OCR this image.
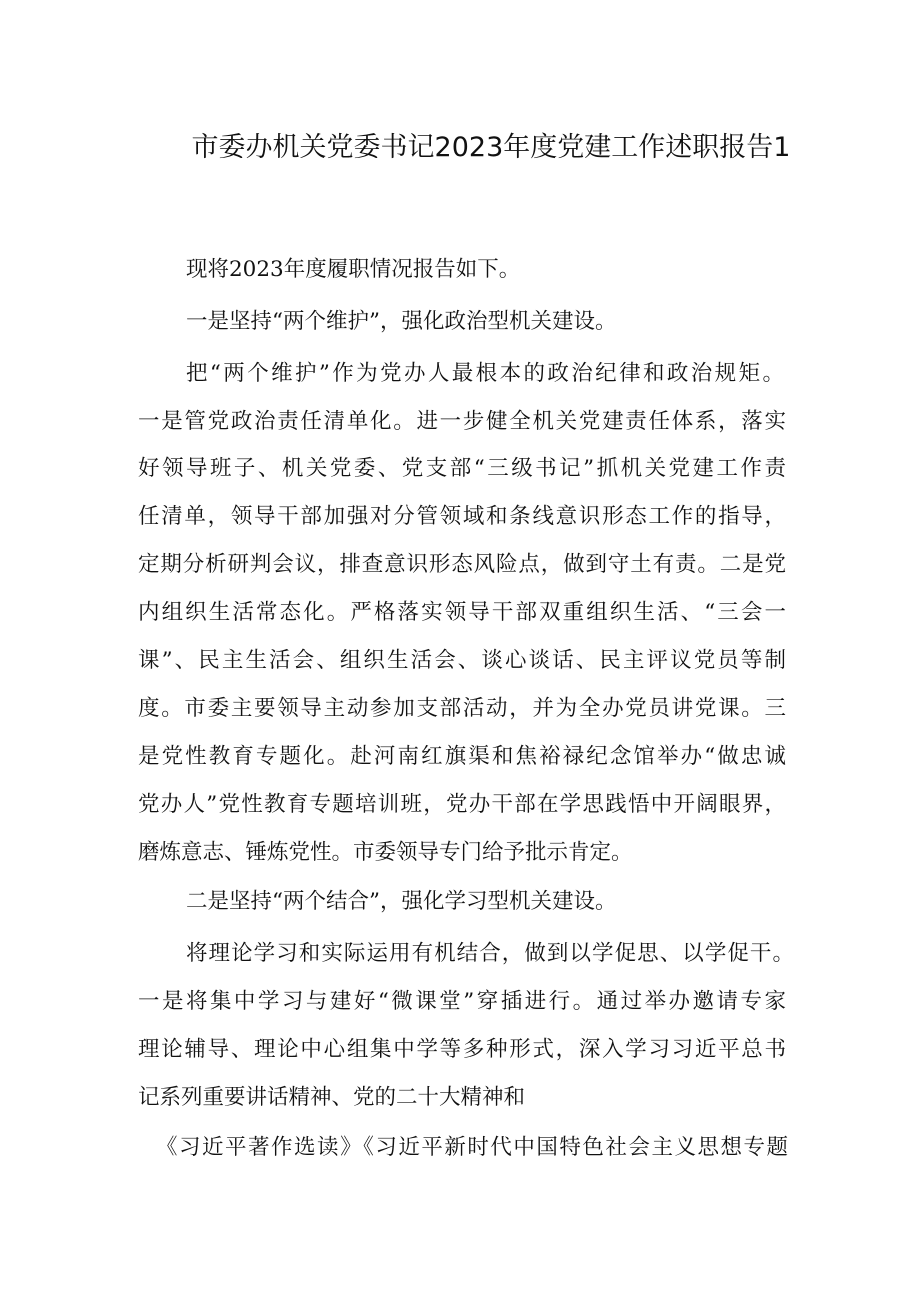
市委办机关党委书记2023年度党建工作述职报告1
现将2023年度履职情况报告如下。
一是坚持“两个维护”，强化政治型机关建设。
把“两个维护”作为党办人最根本的政治纪律和政治规矩。
一是管党政治责任清单化。进一步健全机关党建责任体系，落实
好领导班子、机关党委、党支部“三级书记”抓机关党建工作责
任清单，领导干部加强对分管领域和条线意识形态工作的指导，
定期分析研判会议，排查意识形态风险点，做到守土有责。二是党
内组织生活常态化。严格落实领导干部双重组织生活、“三会一
课”、民主生活会、组织生活会、谈心谈话、民主评议党员等制
度。市委主要领导主动参加支部活动，并为全办党员讲党课。三
是党性教育专题化。赴河南红旗渠和焦裕禄纪念馆举办“做忠诚
党办人”党性教育专题培训班，党办干部在学思践悟中开阔眼界，
磨炼意志、锤炼党性。市委领导专门给予批示肯定。
二是坚持“两个结合”，强化学习型机关建设。
将理论学习和实际运用有机结合，做到以学促思、以学促干。
一是将集中学习与建好“微课堂”穿插进行。通过举办邀请专家
理论辅导、理论中心组集中学等多种形式，深入学习习近平总书
记系列重要讲话精神、党的二十大精神和
《习近平著作选读》《习近平新时代中国特色社会主义思想专题
